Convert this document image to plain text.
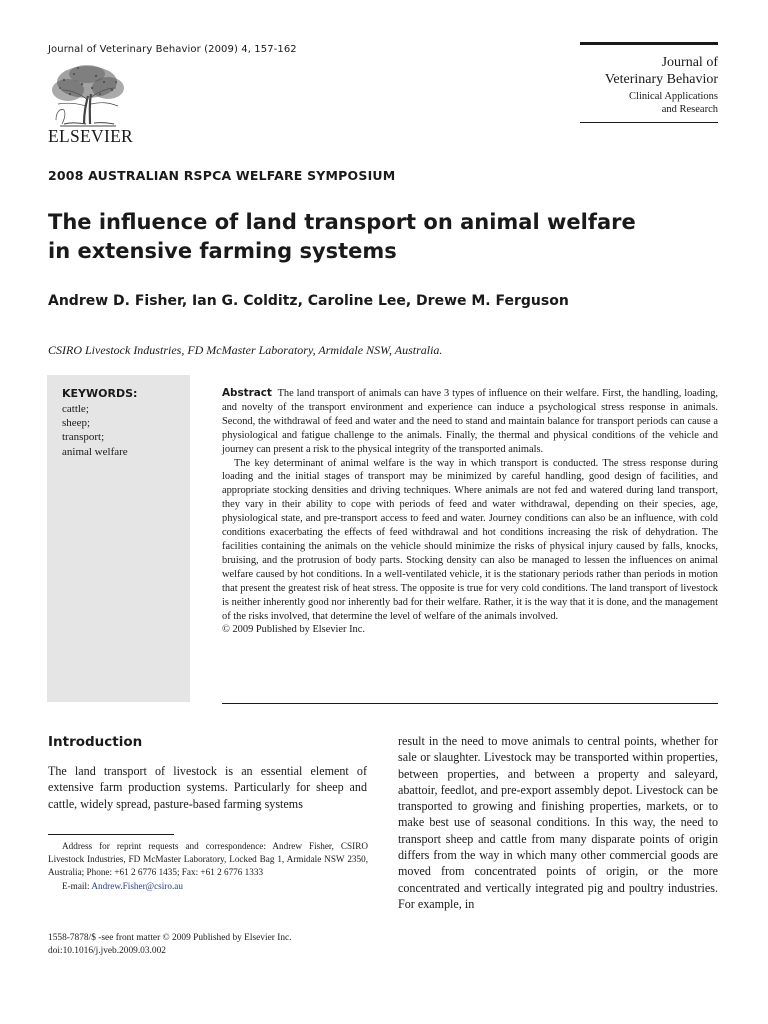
Journal of Veterinary Behavior (2009) 4, 157-162
ELSEVIER
Journal of
Veterinary Behavior
Clinical Applications
and Research
2008 AUSTRALIAN RSPCA WELFARE SYMPOSIUM
The influence of land transport on animal welfare
in extensive farming systems
Andrew D. Fisher, Ian G. Colditz, Caroline Lee, Drewe M. Ferguson
CSIRO Livestock Industries, FD McMaster Laboratory, Armidale NSW, Australia.
KEYWORDS:
cattle;
sheep;
transport;
animal welfare

Abstract The land transport of animals can have 3 types of influence on their welfare. First, the handling, loading, and novelty of the transport environment and experience can induce a psychological stress response in animals. Second, the withdrawal of feed and water and the need to stand and maintain balance for transport periods can cause a physiological and fatigue challenge to the animals. Finally, the thermal and physical conditions of the vehicle and journey can present a risk to the physical integrity of the transported animals.

The key determinant of animal welfare is the way in which transport is conducted. The stress response during loading and the initial stages of transport may be minimized by careful handling, good design of facilities, and appropriate stocking densities and driving techniques. Where animals are not fed and watered during land transport, they vary in their ability to cope with periods of feed and water withdrawal, depending on their species, age, physiological state, and pre-transport access to feed and water. Journey conditions can also be an influence, with cold conditions exacerbating the effects of feed withdrawal and hot conditions increasing the risk of dehydration. The facilities containing the animals on the vehicle should minimize the risks of physical injury caused by falls, knocks, bruising, and the protrusion of body parts. Stocking density can also be managed to lessen the influences on animal welfare caused by hot conditions. In a well-ventilated vehicle, it is the stationary periods rather than periods in motion that present the greatest risk of heat stress. The opposite is true for very cold conditions. The land transport of livestock is neither inherently good nor inherently bad for their welfare. Rather, it is the way that it is done, and the management of the risks involved, that determine the level of welfare of the animals involved.

© 2009 Published by Elsevier Inc.

Introduction

The land transport of livestock is an essential element of extensive farm production systems. Particularly for sheep and cattle, widely spread, pasture-based farming systems

Address for reprint requests and correspondence: Andrew Fisher, CSIRO Livestock Industries, FD McMaster Laboratory, Locked Bag 1, Armidale NSW 2350, Australia; Phone: +61 2 6776 1435; Fax: +61 2 6776 1333

E-mail: Andrew.Fisher@csiro.au

result in the need to move animals to central points, whether for sale or slaughter. Livestock may be transported within properties, between properties, and between a property and saleyard, abattoir, feedlot, and pre-export assembly depot. Livestock can be transported to growing and finishing properties, markets, or to make best use of seasonal conditions. In this way, the need to transport sheep and cattle from many disparate points of origin differs from the way in which many other commercial goods are moved from concentrated points of origin, or the more concentrated and vertically integrated pig and poultry industries. For example, in

1558-7878/$ -see front matter © 2009 Published by Elsevier Inc.
doi:10.1016/j.jveb.2009.03.002
